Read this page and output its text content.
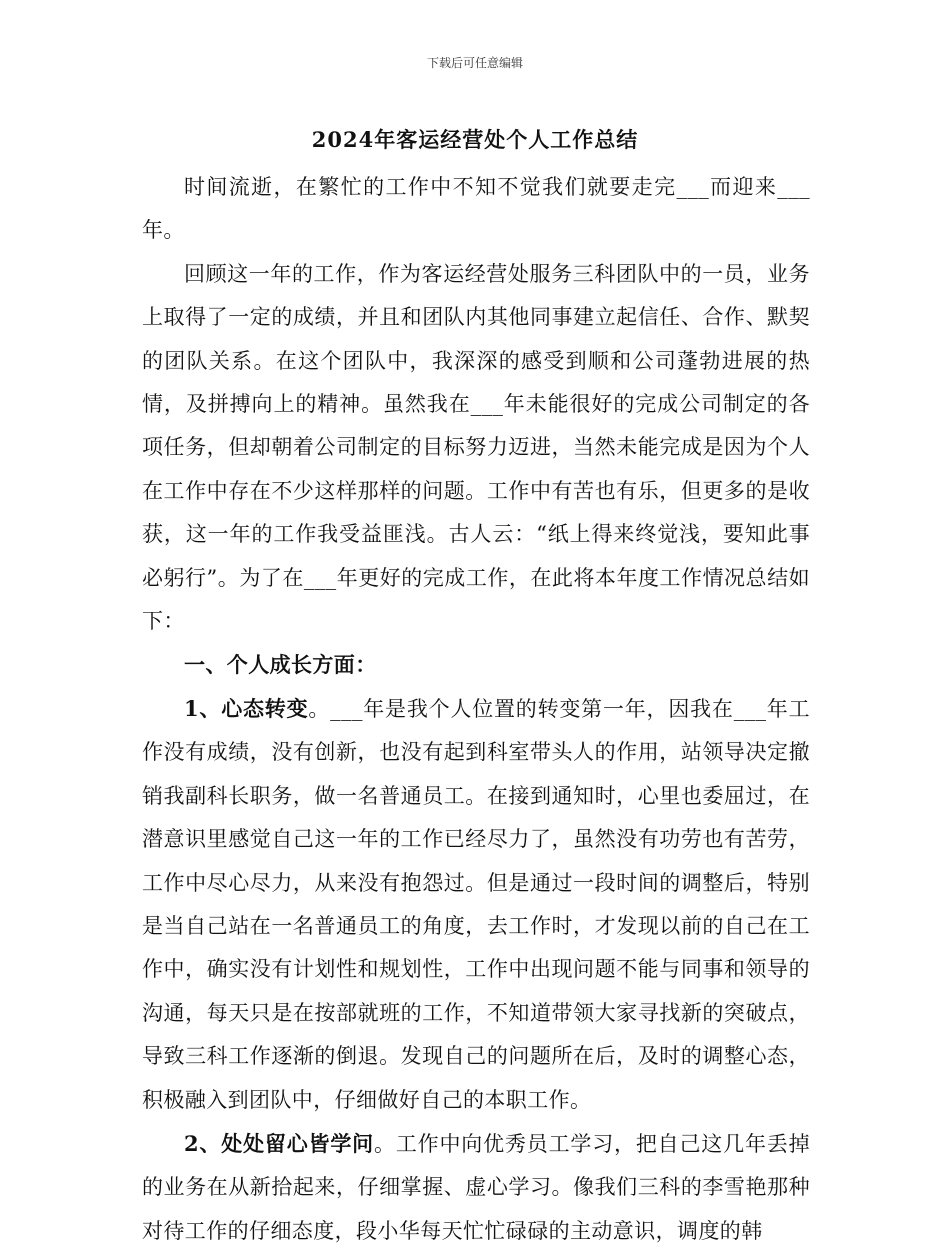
下载后可任意编辑
2024年客运经营处个人工作总结

时间流逝，在繁忙的工作中不知不觉我们就要走完___而迎来___年。

回顾这一年的工作，作为客运经营处服务三科团队中的一员，业务上取得了一定的成绩，并且和团队内其他同事建立起信任、合作、默契的团队关系。在这个团队中，我深深的感受到顺和公司蓬勃进展的热情，及拼搏向上的精神。虽然我在___年未能很好的完成公司制定的各项任务，但却朝着公司制定的目标努力迈进，当然未能完成是因为个人在工作中存在不少这样那样的问题。工作中有苦也有乐，但更多的是收获，这一年的工作我受益匪浅。古人云：“纸上得来终觉浅，要知此事必躬行”。为了在___年更好的完成工作，在此将本年度工作情况总结如下：

一、个人成长方面：

1、心态转变。___年是我个人位置的转变第一年，因我在___年工作没有成绩，没有创新，也没有起到科室带头人的作用，站领导决定撤销我副科长职务，做一名普通员工。在接到通知时，心里也委屈过，在潜意识里感觉自己这一年的工作已经尽力了，虽然没有功劳也有苦劳，工作中尽心尽力，从来没有抱怨过。但是通过一段时间的调整后，特别是当自己站在一名普通员工的角度，去工作时，才发现以前的自己在工作中，确实没有计划性和规划性，工作中出现问题不能与同事和领导的沟通，每天只是在按部就班的工作，不知道带领大家寻找新的突破点，导致三科工作逐渐的倒退。发现自己的问题所在后，及时的调整心态，积极融入到团队中，仔细做好自己的本职工作。

2、处处留心皆学问。工作中向优秀员工学习，把自己这几年丢掉的业务在从新拾起来，仔细掌握、虚心学习。像我们三科的李雪艳那种对待工作的仔细态度，段小华每天忙忙碌碌的主动意识，调度的韩
